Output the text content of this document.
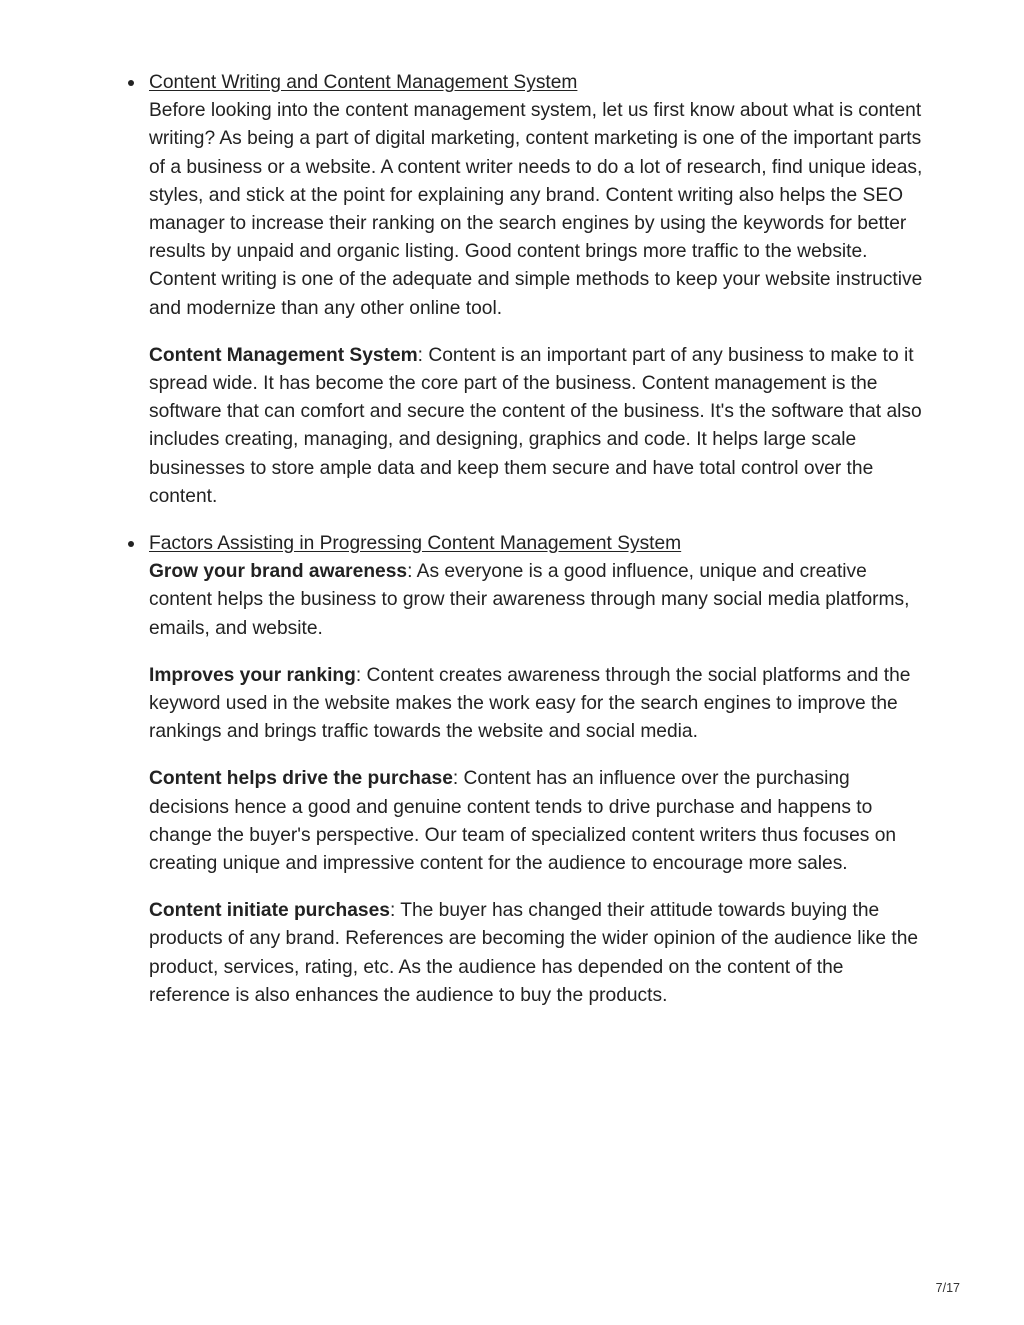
Content Writing and Content Management System

Before looking into the content management system, let us first know about what is content writing? As being a part of digital marketing, content marketing is one of the important parts of a business or a website. A content writer needs to do a lot of research, find unique ideas, styles, and stick at the point for explaining any brand. Content writing also helps the SEO manager to increase their ranking on the search engines by using the keywords for better results by unpaid and organic listing. Good content brings more traffic to the website. Content writing is one of the adequate and simple methods to keep your website instructive and modernize than any other online tool.

Content Management System: Content is an important part of any business to make to it spread wide. It has become the core part of the business. Content management is the software that can comfort and secure the content of the business. It's the software that also includes creating, managing, and designing, graphics and code. It helps large scale businesses to store ample data and keep them secure and have total control over the content.

Factors Assisting in Progressing Content Management System

Grow your brand awareness: As everyone is a good influence, unique and creative content helps the business to grow their awareness through many social media platforms, emails, and website.

Improves your ranking: Content creates awareness through the social platforms and the keyword used in the website makes the work easy for the search engines to improve the rankings and brings traffic towards the website and social media.

Content helps drive the purchase: Content has an influence over the purchasing decisions hence a good and genuine content tends to drive purchase and happens to change the buyer's perspective. Our team of specialized content writers thus focuses on creating unique and impressive content for the audience to encourage more sales.

Content initiate purchases: The buyer has changed their attitude towards buying the products of any brand. References are becoming the wider opinion of the audience like the product, services, rating, etc. As the audience has depended on the content of the reference is also enhances the audience to buy the products.

7/17
